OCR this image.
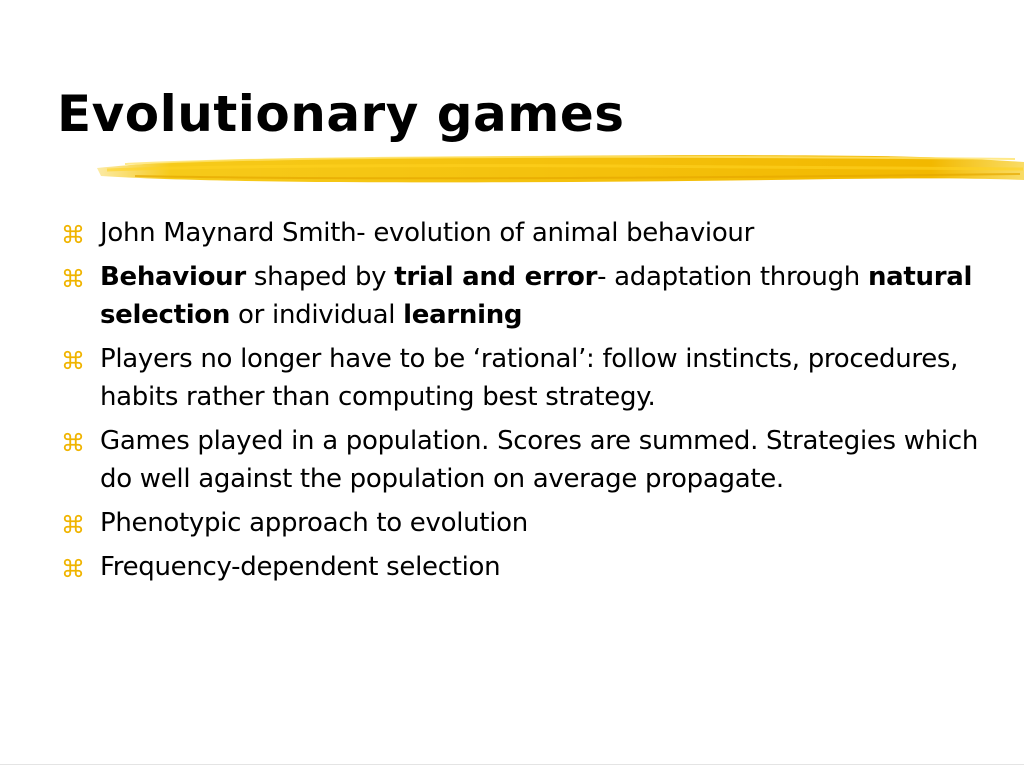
Evolutionary games
John Maynard Smith- evolution of animal behaviour
Behaviour shaped by trial and error- adaptation through natural selection or individual learning
Players no longer have to be ‘rational’: follow instincts, procedures, habits rather than computing best strategy.
Games played in a population. Scores are summed. Strategies which do well against the population on average propagate.
Phenotypic approach to evolution
Frequency-dependent selection
